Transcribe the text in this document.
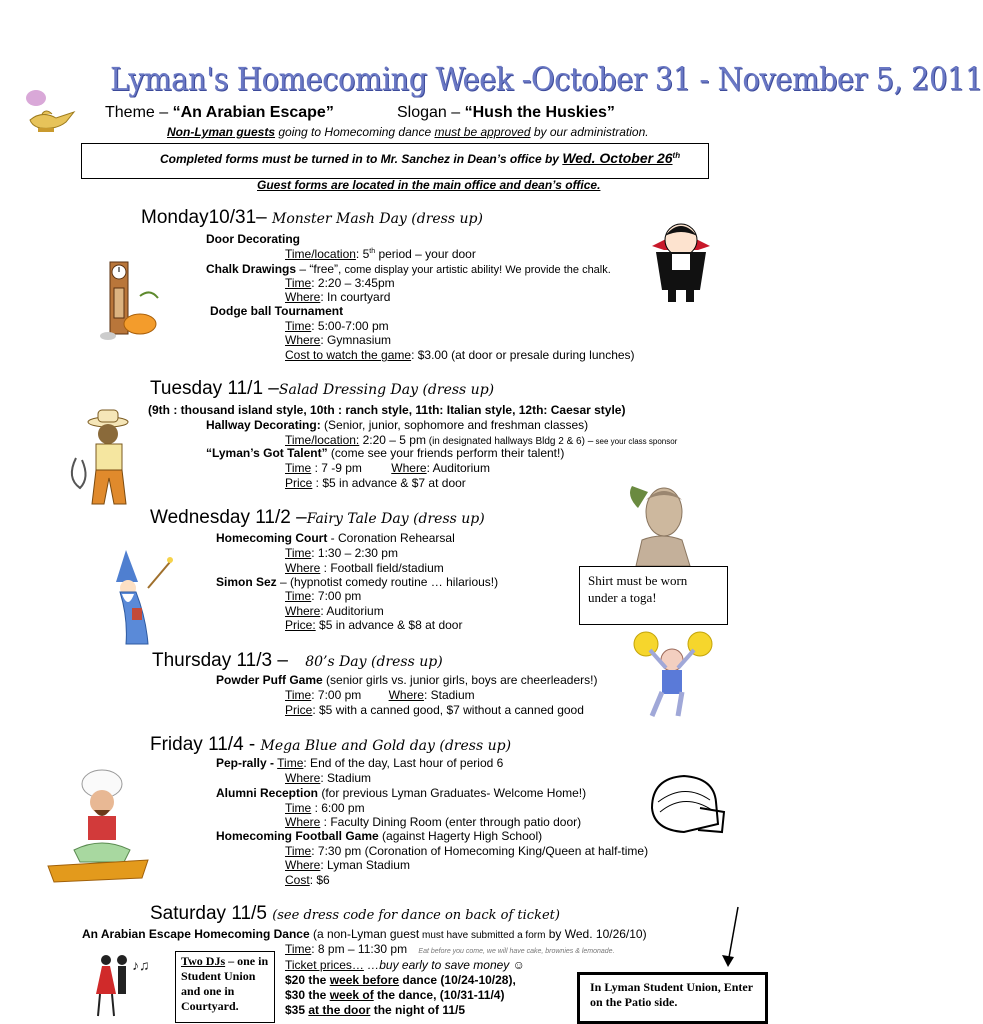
Lyman's Homecoming Week -October 31 - November 5, 2011
Theme – “An Arabian Escape”	Slogan – “Hush the Huskies”
Non-Lyman guests going to Homecoming dance must be approved by our administration.
Completed forms must be turned in to Mr. Sanchez in Dean’s office by Wed. October 26th
Guest forms are located in the main office and dean’s office.
Monday10/31– Monster Mash Day (dress up)
Door Decorating
Time/location: 5th period – your door
Chalk Drawings – “free”, come display your artistic ability! We provide the chalk.
Time: 2:20 – 3:45pm
Where: In courtyard
Dodge ball Tournament
Time: 5:00-7:00 pm
Where: Gymnasium
Cost to watch the game: $3.00 (at door or presale during lunches)
Tuesday 11/1 –Salad Dressing Day (dress up)
(9th : thousand island style, 10th : ranch style, 11th: Italian style, 12th: Caesar style)
Hallway Decorating: (Senior, junior, sophomore and freshman classes)
Time/location: 2:20 – 5 pm (in designated hallways Bldg 2 & 6) – see your class sponsor
“Lyman’s Got Talent” (come see your friends perform their talent!)
Time : 7 -9 pm Where: Auditorium
Price : $5 in advance & $7 at door
Wednesday 11/2 –Fairy Tale Day (dress up)
Shirt must be worn under a toga!
Homecoming Court - Coronation Rehearsal
Time: 1:30 – 2:30 pm
Where : Football field/stadium
Simon Sez – (hypnotist comedy routine … hilarious!)
Time: 7:00 pm
Where: Auditorium
Price: $5 in advance & $8 at door
Thursday 11/3 – 80’s Day (dress up)
Powder Puff Game (senior girls vs. junior girls, boys are cheerleaders!)
Time: 7:00 pm Where: Stadium
Price: $5 with a canned good, $7 without a canned good
Friday 11/4 - Mega Blue and Gold day (dress up)
Pep-rally - Time: End of the day, Last hour of period 6
Where: Stadium
Alumni Reception (for previous Lyman Graduates- Welcome Home!)
Time : 6:00 pm
Where : Faculty Dining Room (enter through patio door)
Homecoming Football Game (against Hagerty High School)
Time: 7:30 pm (Coronation of Homecoming King/Queen at half-time)
Where: Lyman Stadium
Cost: $6
Saturday 11/5 (see dress code for dance on back of ticket)
An Arabian Escape Homecoming Dance (a non-Lyman guest must have submitted a form by Wed. 10/26/10)
Time: 8 pm – 11:30 pm Eat before you come, we will have cake, brownies & lemonade.
Ticket prices… …buy early to save money ☺
$20 the week before dance (10/24-10/28),
$30 the week of the dance, (10/31-11/4)
$35 at the door the night of 11/5
♪♫	Two DJs – one in Student Union and one in Courtyard.
In Lyman Student Union, Enter on the Patio side.
